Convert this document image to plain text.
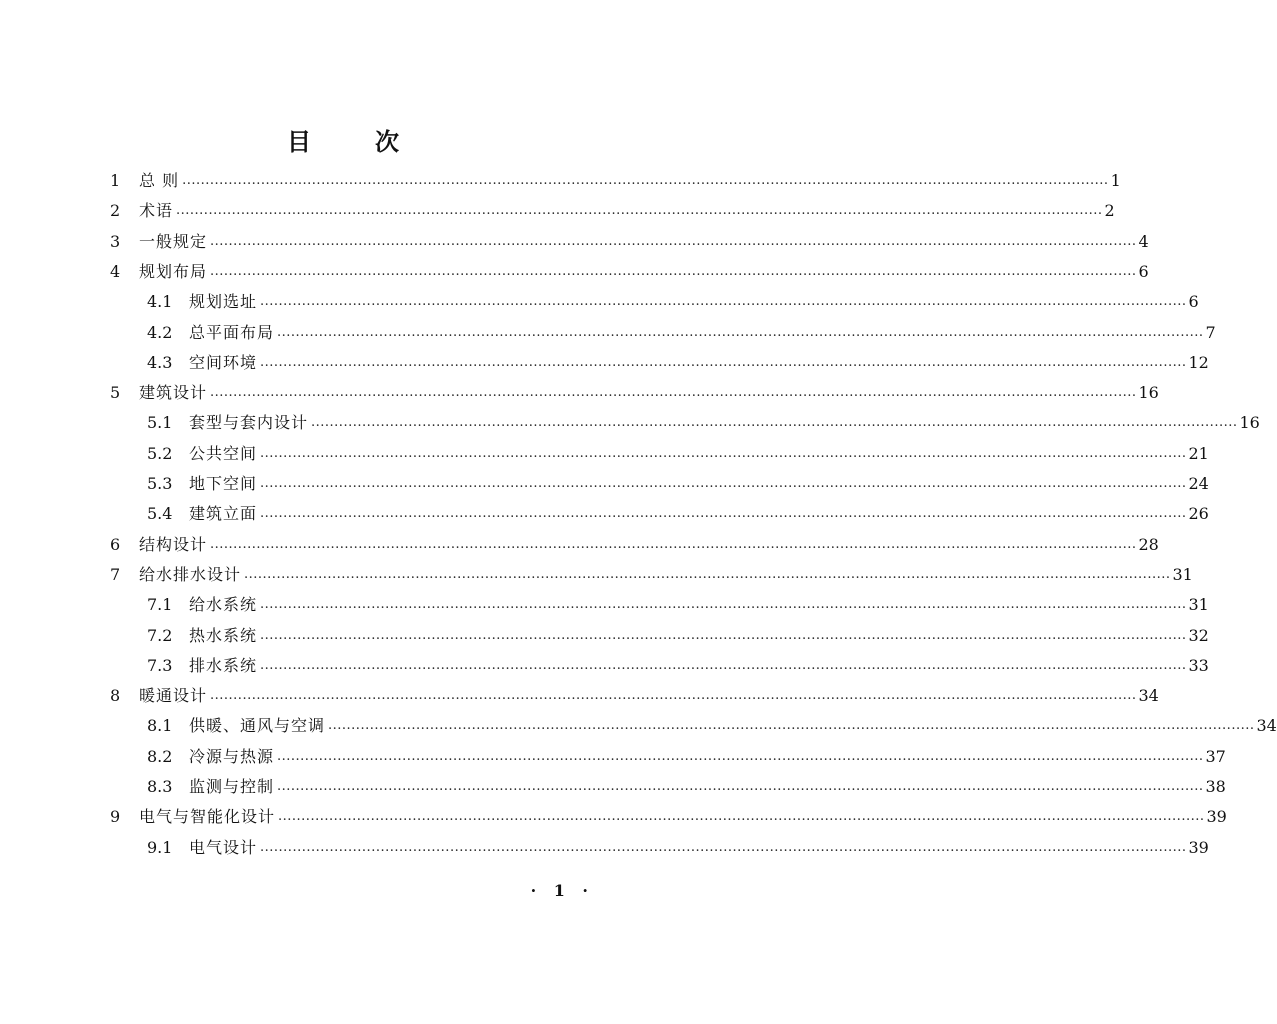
目　次
1	总 则 ........................................................................................................................................................................................................ 1
2	术语 ........................................................................................................................................................................................................ 2
3	一般规定 ........................................................................................................................................................................................................ 4
4	规划布局 ........................................................................................................................................................................................................ 6
4.1	规划选址 ........................................................................................................................................................................................................ 6
4.2	总平面布局 ........................................................................................................................................................................................................ 7
4.3	空间环境 ........................................................................................................................................................................................................ 12
5	建筑设计 ........................................................................................................................................................................................................ 16
5.1	套型与套内设计 ........................................................................................................................................................................................................ 16
5.2	公共空间 ........................................................................................................................................................................................................ 21
5.3	地下空间 ........................................................................................................................................................................................................ 24
5.4	建筑立面 ........................................................................................................................................................................................................ 26
6	结构设计 ........................................................................................................................................................................................................ 28
7	给水排水设计 ........................................................................................................................................................................................................ 31
7.1	给水系统 ........................................................................................................................................................................................................ 31
7.2	热水系统 ........................................................................................................................................................................................................ 32
7.3	排水系统 ........................................................................................................................................................................................................ 33
8	暖通设计 ........................................................................................................................................................................................................ 34
8.1	供暖、通风与空调 ........................................................................................................................................................................................................ 34
8.2	冷源与热源 ........................................................................................................................................................................................................ 37
8.3	监测与控制 ........................................................................................................................................................................................................ 38
9	电气与智能化设计 ........................................................................................................................................................................................................ 39
9.1	电气设计 ........................................................................................................................................................................................................ 39
· 1 ·
